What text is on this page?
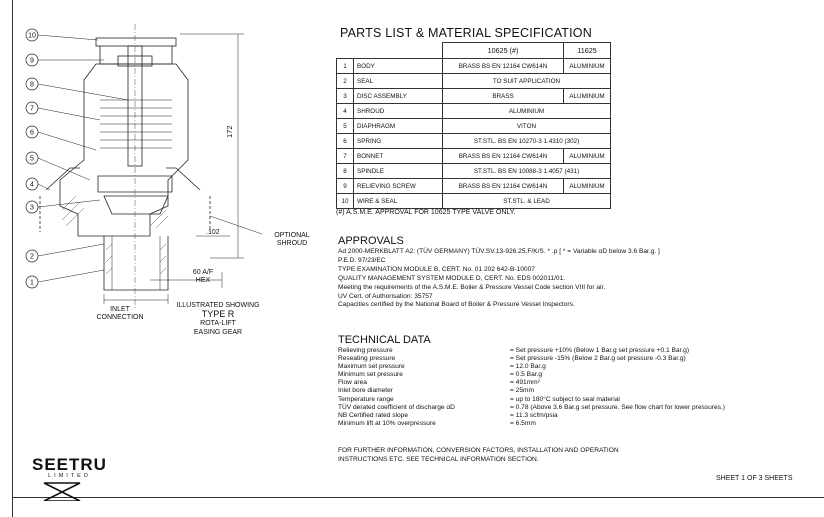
10
9
8
7
6
5
4
3
2
1
172
.102	OPTIONAL
SHROUD
60 A/F
HEX
INLET
CONNECTION
ILLUSTRATED SHOWING
TYPE R
ROTA-LIFT
EASING GEAR
PARTS LIST & MATERIAL SPECIFICATION
		10625 (#)	11625
1	BODY	BRASS BS EN 12164 CW614N	ALUMINIUM
2	SEAL	TO SUIT APPLICATION	
3	DISC ASSEMBLY	BRASS	ALUMINIUM
4	SHROUD	ALUMINIUM	
5	DIAPHRAGM	VITON	
6	SPRING	ST.STL. BS EN 10270-3 1.4310 (302)	
7	BONNET	BRASS BS EN 12164 CW614N	ALUMINIUM
8	SPINDLE	ST.STL. BS EN 10088-3 1.4057 (431)	
9	RELIEVING SCREW	BRASS BS EN 12164 CW614N	ALUMINIUM
10	WIRE & SEAL	ST.STL. & LEAD	
(#) A.S.M.E. APPROVAL FOR 10625 TYPE VALVE ONLY.
APPROVALS
Ad 2000-MERKBLATT A2: (TÜV GERMANY) TÜV.SV.13-926.25.F/K/S. * .p [ * = Variable αD below 3.6 Bar.g. ]
P.E.D. 97/23/EC
TYPE EXAMINATION MODULE B, CERT. No. 01 202 642-B-10007
QUALITY MANAGEMENT SYSTEM MODULE D, CERT. No. EDS 002011/01.
Meeting the requirements of the A.S.M.E. Boiler & Pressure Vessel Code section VIII for air.
UV Cert. of Authorisation: 35757
Capacities certified by the National Board of Boiler & Pressure Vessel Inspectors.
TECHNICAL DATA
Relieving pressure	= Set pressure +10% (Below 1 Bar.g set pressure +0.1 Bar.g)
Reseating pressure	= Set pressure -15% (Below 2 Bar.g set pressure -0.3 Bar.g)
Maximum set pressure	= 12.0 Bar.g
Minimum set pressure	= 0.5 Bar.g
Flow area	= 491mm²
Inlet bore diameter	= 25mm
Temperature range	= up to 180°C subject to seal material
TÜV derated coefficient of discharge αD	= 0.78 (Above 3.6 Bar.g set pressure. See flow chart for lower pressures.)
NB Certified rated slope	= 11.3 scfm/psia
Minimum lift at 10% overpressure	= 6.5mm
FOR FURTHER INFORMATION, CONVERSION FACTORS, INSTALLATION AND OPERATION
INSTRUCTIONS ETC. SEE TECHNICAL INFORMATION SECTION.
SHEET 1 OF 3 SHEETS
SEETRU
LIMITED
